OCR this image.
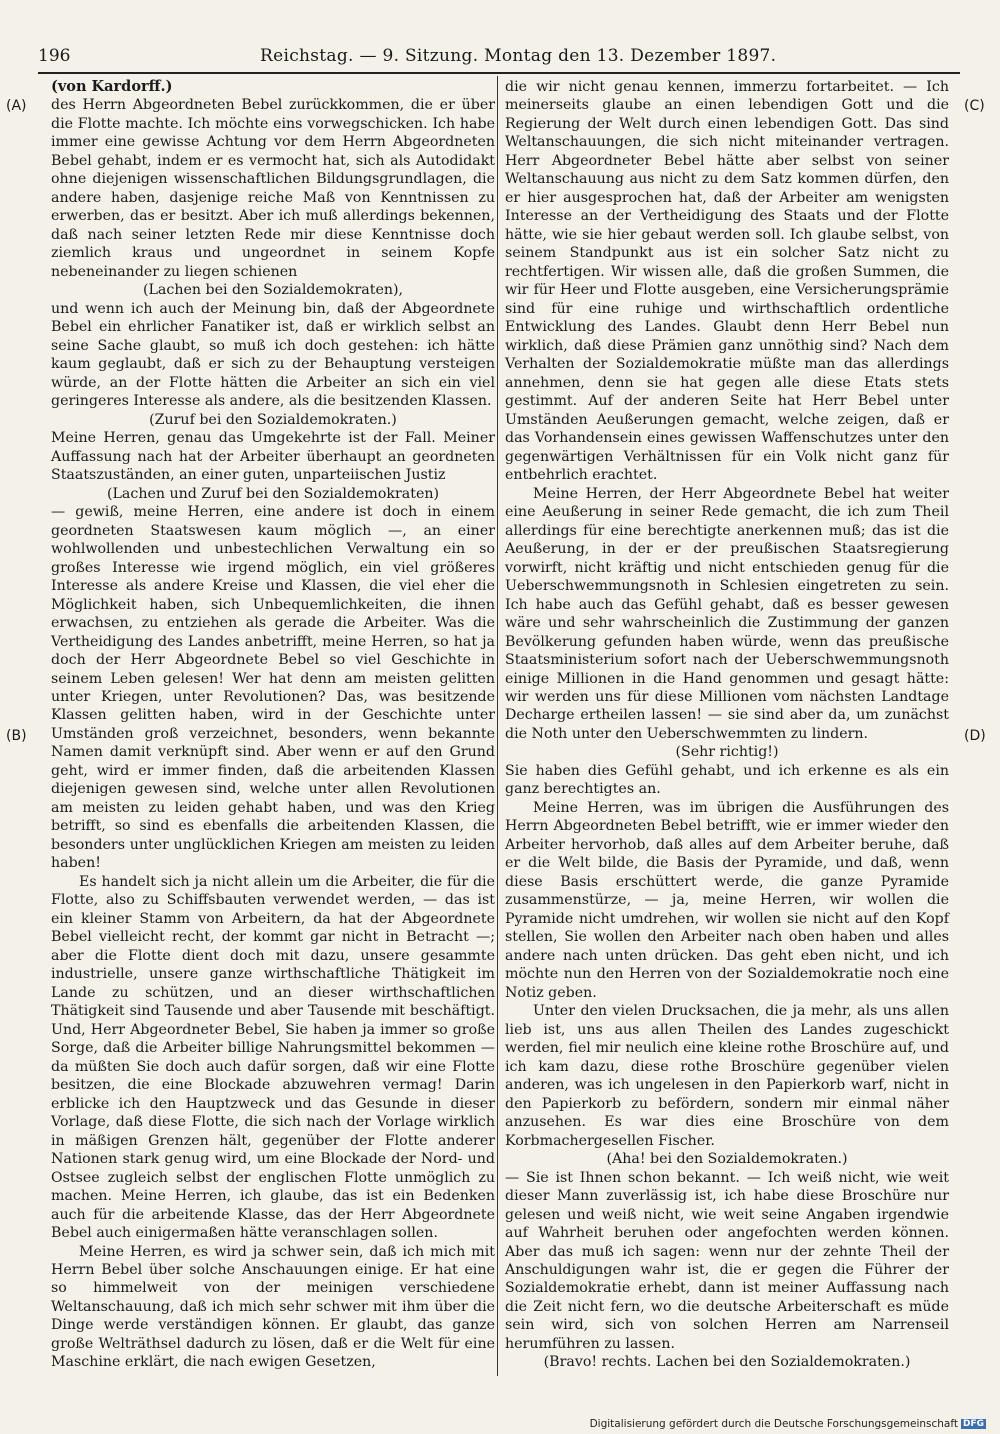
196	Reichstag. — 9. Sitzung. Montag den 13. Dezember 1897.
(A)
(B)
(C)
(D)

(von Kardorff.)

des Herrn Abgeordneten Bebel zurückkommen, die er über die Flotte machte. Ich möchte eins vorwegschicken. Ich habe immer eine gewisse Achtung vor dem Herrn Abgeordneten Bebel gehabt, indem er es vermocht hat, sich als Autodidakt ohne diejenigen wissenschaftlichen Bildungsgrundlagen, die andere haben, dasjenige reiche Maß von Kenntnissen zu erwerben, das er besitzt. Aber ich muß allerdings bekennen, daß nach seiner letzten Rede mir diese Kenntnisse doch ziemlich kraus und ungeordnet in seinem Kopfe nebeneinander zu liegen schienen

(Lachen bei den Sozialdemokraten),

und wenn ich auch der Meinung bin, daß der Abgeordnete Bebel ein ehrlicher Fanatiker ist, daß er wirklich selbst an seine Sache glaubt, so muß ich doch gestehen: ich hätte kaum geglaubt, daß er sich zu der Behauptung versteigen würde, an der Flotte hätten die Arbeiter an sich ein viel geringeres Interesse als andere, als die besitzenden Klassen.

(Zuruf bei den Sozialdemokraten.)

Meine Herren, genau das Umgekehrte ist der Fall. Meiner Auffassung nach hat der Arbeiter überhaupt an geordneten Staatszuständen, an einer guten, unparteiischen Justiz

(Lachen und Zuruf bei den Sozialdemokraten)

— gewiß, meine Herren, eine andere ist doch in einem geordneten Staatswesen kaum möglich —, an einer wohlwollenden und unbestechlichen Verwaltung ein so großes Interesse wie irgend möglich, ein viel größeres Interesse als andere Kreise und Klassen, die viel eher die Möglichkeit haben, sich Unbequemlichkeiten, die ihnen erwachsen, zu entziehen als gerade die Arbeiter. Was die Vertheidigung des Landes anbetrifft, meine Herren, so hat ja doch der Herr Abgeordnete Bebel so viel Geschichte in seinem Leben gelesen! Wer hat denn am meisten gelitten unter Kriegen, unter Revolutionen? Das, was besitzende Klassen gelitten haben, wird in der Geschichte unter Umständen groß verzeichnet, besonders, wenn bekannte Namen damit verknüpft sind. Aber wenn er auf den Grund geht, wird er immer finden, daß die arbeitenden Klassen diejenigen gewesen sind, welche unter allen Revolutionen am meisten zu leiden gehabt haben, und was den Krieg betrifft, so sind es ebenfalls die arbeitenden Klassen, die besonders unter unglücklichen Kriegen am meisten zu leiden haben!

Es handelt sich ja nicht allein um die Arbeiter, die für die Flotte, also zu Schiffsbauten verwendet werden, — das ist ein kleiner Stamm von Arbeitern, da hat der Abgeordnete Bebel vielleicht recht, der kommt gar nicht in Betracht —; aber die Flotte dient doch mit dazu, unsere gesammte industrielle, unsere ganze wirthschaftliche Thätigkeit im Lande zu schützen, und an dieser wirthschaftlichen Thätigkeit sind Tausende und aber Tausende mit beschäftigt. Und, Herr Abgeordneter Bebel, Sie haben ja immer so große Sorge, daß die Arbeiter billige Nahrungsmittel bekommen — da müßten Sie doch auch dafür sorgen, daß wir eine Flotte besitzen, die eine Blockade abzuwehren vermag! Darin erblicke ich den Hauptzweck und das Gesunde in dieser Vorlage, daß diese Flotte, die sich nach der Vorlage wirklich in mäßigen Grenzen hält, gegenüber der Flotte anderer Nationen stark genug wird, um eine Blockade der Nord- und Ostsee zugleich selbst der englischen Flotte unmöglich zu machen. Meine Herren, ich glaube, das ist ein Bedenken auch für die arbeitende Klasse, das der Herr Abgeordnete Bebel auch einigermaßen hätte veranschlagen sollen.

Meine Herren, es wird ja schwer sein, daß ich mich mit Herrn Bebel über solche Anschauungen einige. Er hat eine so himmelweit von der meinigen verschiedene Weltanschauung, daß ich mich sehr schwer mit ihm über die Dinge werde verständigen können. Er glaubt, das ganze große Welträthsel dadurch zu lösen, daß er die Welt für eine Maschine erklärt, die nach ewigen Gesetzen,

die wir nicht genau kennen, immerzu fortarbeitet. — Ich meinerseits glaube an einen lebendigen Gott und die Regierung der Welt durch einen lebendigen Gott. Das sind Weltanschauungen, die sich nicht miteinander vertragen. Herr Abgeordneter Bebel hätte aber selbst von seiner Weltanschauung aus nicht zu dem Satz kommen dürfen, den er hier ausgesprochen hat, daß der Arbeiter am wenigsten Interesse an der Vertheidigung des Staats und der Flotte hätte, wie sie hier gebaut werden soll. Ich glaube selbst, von seinem Standpunkt aus ist ein solcher Satz nicht zu rechtfertigen. Wir wissen alle, daß die großen Summen, die wir für Heer und Flotte ausgeben, eine Versicherungsprämie sind für eine ruhige und wirthschaftlich ordentliche Entwicklung des Landes. Glaubt denn Herr Bebel nun wirklich, daß diese Prämien ganz unnöthig sind? Nach dem Verhalten der Sozialdemokratie müßte man das allerdings annehmen, denn sie hat gegen alle diese Etats stets gestimmt. Auf der anderen Seite hat Herr Bebel unter Umständen Aeußerungen gemacht, welche zeigen, daß er das Vorhandensein eines gewissen Waffenschutzes unter den gegenwärtigen Verhältnissen für ein Volk nicht ganz für entbehrlich erachtet.

Meine Herren, der Herr Abgeordnete Bebel hat weiter eine Aeußerung in seiner Rede gemacht, die ich zum Theil allerdings für eine berechtigte anerkennen muß; das ist die Aeußerung, in der er der preußischen Staatsregierung vorwirft, nicht kräftig und nicht entschieden genug für die Ueberschwemmungsnoth in Schlesien eingetreten zu sein. Ich habe auch das Gefühl gehabt, daß es besser gewesen wäre und sehr wahrscheinlich die Zustimmung der ganzen Bevölkerung gefunden haben würde, wenn das preußische Staatsministerium sofort nach der Ueberschwemmungsnoth einige Millionen in die Hand genommen und gesagt hätte: wir werden uns für diese Millionen vom nächsten Landtage Decharge ertheilen lassen! — sie sind aber da, um zunächst die Noth unter den Ueberschwemmten zu lindern.

(Sehr richtig!)

Sie haben dies Gefühl gehabt, und ich erkenne es als ein ganz berechtigtes an.

Meine Herren, was im übrigen die Ausführungen des Herrn Abgeordneten Bebel betrifft, wie er immer wieder den Arbeiter hervorhob, daß alles auf dem Arbeiter beruhe, daß er die Welt bilde, die Basis der Pyramide, und daß, wenn diese Basis erschüttert werde, die ganze Pyramide zusammenstürze, — ja, meine Herren, wir wollen die Pyramide nicht umdrehen, wir wollen sie nicht auf den Kopf stellen, Sie wollen den Arbeiter nach oben haben und alles andere nach unten drücken. Das geht eben nicht, und ich möchte nun den Herren von der Sozialdemokratie noch eine Notiz geben.

Unter den vielen Drucksachen, die ja mehr, als uns allen lieb ist, uns aus allen Theilen des Landes zugeschickt werden, fiel mir neulich eine kleine rothe Broschüre auf, und ich kam dazu, diese rothe Broschüre gegenüber vielen anderen, was ich ungelesen in den Papierkorb warf, nicht in den Papierkorb zu befördern, sondern mir einmal näher anzusehen. Es war dies eine Broschüre von dem Korbmachergesellen Fischer.

(Aha! bei den Sozialdemokraten.)

— Sie ist Ihnen schon bekannt. — Ich weiß nicht, wie weit dieser Mann zuverlässig ist, ich habe diese Broschüre nur gelesen und weiß nicht, wie weit seine Angaben irgendwie auf Wahrheit beruhen oder angefochten werden können. Aber das muß ich sagen: wenn nur der zehnte Theil der Anschuldigungen wahr ist, die er gegen die Führer der Sozialdemokratie erhebt, dann ist meiner Auffassung nach die Zeit nicht fern, wo die deutsche Arbeiterschaft es müde sein wird, sich von solchen Herren am Narrenseil herumführen zu lassen.

(Bravo! rechts. Lachen bei den Sozialdemokraten.)

Digitalisierung gefördert durch die Deutsche Forschungsgemeinschaft DFG
